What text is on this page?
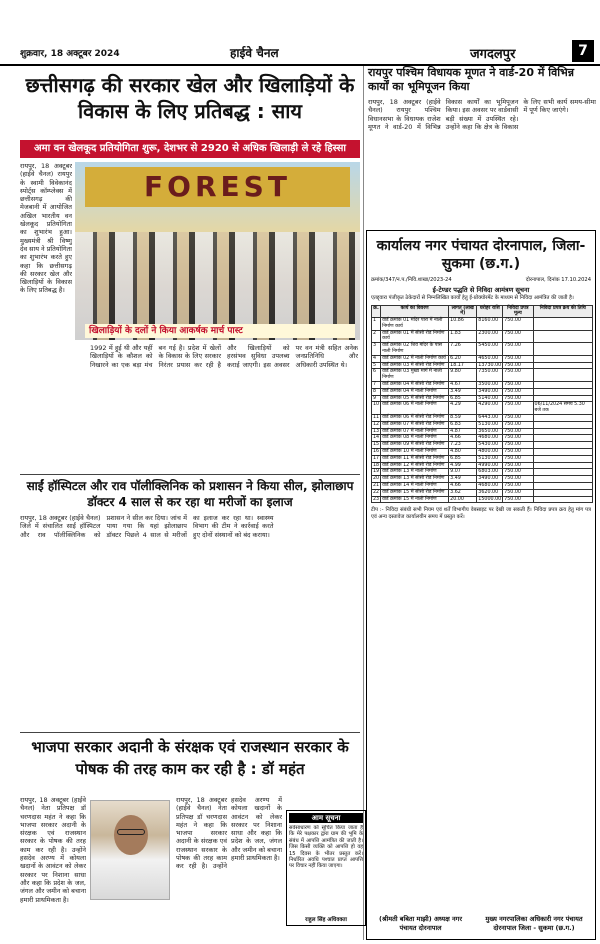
शुक्रवार, 18 अक्टूबर 2024	हाईवे चैनल	जगदलपुर	7
छत्तीसगढ़ की सरकार खेल और खिलाड़ियों के विकास के लिए प्रतिबद्ध : साय
अमा वन खेलकूद प्रतियोगिता शुरू, देशभर से 2920 से अधिक खिलाड़ी ले रहे हिस्सा
FOREST
खिलाड़ियों के दलों ने किया आकर्षक मार्च पास्ट
रायपुर, 18 अक्टूबर (हाईवे चैनल) रायपुर के स्वामी विवेकानंद स्पोर्ट्स कॉम्प्लेक्स में छत्तीसगढ़ की मेजबानी में आयोजित अखिल भारतीय वन खेलकूद प्रतियोगिता का शुभारंभ हुआ। मुख्यमंत्री श्री विष्णु देव साय ने प्रतियोगिता का शुभारंभ करते हुए कहा कि छत्तीसगढ़ की सरकार खेल और खिलाड़ियों के विकास के लिए प्रतिबद्ध है।
1992 में हुई थी और यहीं खिलाड़ियों के कौशल को निखारने का एक बड़ा मंच बन गई है। प्रदेश में खेलों के विकास के लिए सरकार निरंतर प्रयास कर रही है और खिलाड़ियों को हरसंभव सुविधा उपलब्ध कराई जाएगी। इस अवसर पर वन मंत्री सहित अनेक जनप्रतिनिधि और अधिकारी उपस्थित थे।
साईं हॉस्पिटल और राव पॉलीक्लिनिक को प्रशासन ने किया सील, झोलाछाप डॉक्टर 4 साल से कर रहा था मरीजों का इलाज
रायपुर, 18 अक्टूबर (हाईवे चैनल) जिले में संचालित साईं हॉस्पिटल और राव पॉलीक्लिनिक को प्रशासन ने सील कर दिया। जांच में पाया गया कि यहां झोलाछाप डॉक्टर पिछले 4 साल से मरीजों का इलाज कर रहा था। स्वास्थ्य विभाग की टीम ने कार्रवाई करते हुए दोनों संस्थानों को बंद कराया।
भाजपा सरकार अदानी के संरक्षक एवं राजस्थान सरकार के पोषक की तरह काम कर रही है : डॉ महंत
रायपुर, 18 अक्टूबर (हाईवे चैनल) नेता प्रतिपक्ष डॉ चरणदास महंत ने कहा कि भाजपा सरकार अदानी के संरक्षक एवं राजस्थान सरकार के पोषक की तरह काम कर रही है। उन्होंने हसदेव अरण्य में कोयला खदानों के आवंटन को लेकर सरकार पर निशाना साधा और कहा कि प्रदेश के जल, जंगल और जमीन को बचाना हमारी प्राथमिकता है।
रायपुर, 18 अक्टूबर (हाईवे चैनल) नेता प्रतिपक्ष डॉ चरणदास महंत ने कहा कि भाजपा सरकार अदानी के संरक्षक एवं राजस्थान सरकार के पोषक की तरह काम कर रही है। उन्होंने हसदेव अरण्य में कोयला खदानों के आवंटन को लेकर सरकार पर निशाना साधा और कहा कि प्रदेश के जल, जंगल और जमीन को बचाना हमारी प्राथमिकता है।
आम सूचना
सर्वसाधारण को सूचित किया जाता है कि मेरे पक्षकार द्वारा ग्राम की भूमि के संबंध में आपत्ति आमंत्रित की जाती है। जिस किसी व्यक्ति को आपत्ति हो वह 15 दिवस के भीतर प्रस्तुत करें। निर्धारित अवधि पश्चात प्राप्त आपत्ति पर विचार नहीं किया जाएगा।
राहुल सिंह अधिवक्ता
रायपुर पश्चिम विधायक मूणत ने वार्ड-20 में विभिन्न कार्यों का भूमिपूजन किया
रायपुर, 18 अक्टूबर (हाईवे चैनल) रायपुर पश्चिम विधानसभा के विधायक राजेश मूणत ने वार्ड-20 में विभिन्न विकास कार्यों का भूमिपूजन किया। इस अवसर पर वार्डवासी बड़ी संख्या में उपस्थित रहे। उन्होंने कहा कि क्षेत्र के विकास के लिए सभी कार्य समय-सीमा में पूर्ण किए जाएंगे।
कार्यालय नगर पंचायत दोरनापाल, जिला-सुकमा (छ.ग.)
क्रमांक/347/न.प./निवि.शाखा/2023-24	दोरनापाल, दिनांक 17.10.2024
ई-टेण्डर पद्धति से निविदा आमंत्रण सूचना
एतद्द्वारा पंजीकृत ठेकेदारों से निम्नलिखित कार्यों हेतु ई-प्रोक्योरमेंट के माध्यम से निविदा आमंत्रित की जाती है।
क्र.	कार्य का विवरण	लागत (लाख में)	धरोहर राशि	निविदा प्रपत्र मूल्य	निविदा प्रपत्र क्रय की तिथि
1	वार्ड क्रमांक 01 मंदिर पारा में नाली निर्माण कार्य	10.86	8160.00	750.00	
2	वार्ड क्रमांक 01 में सीसी रोड निर्माण कार्य	1.83	2300.00	750.00	
3	वार्ड क्रमांक 02 शिव मंदिर के पास नाली निर्माण	7.26	5450.00	750.00	
4	वार्ड क्रमांक 02 में नाली निर्माण कार्य	6.20	4650.00	750.00	
5	वार्ड क्रमांक 03 में सीसी रोड निर्माण	18.17	13730.00	750.00	
6	वार्ड क्रमांक 03 मुख्य मार्ग में नाली निर्माण	9.80	7350.00	750.00	
7	वार्ड क्रमांक 04 में सीसी रोड निर्माण	4.67	3500.00	750.00	
8	वार्ड क्रमांक 04 में नाली निर्माण	3.49	3490.00	750.00	
9	वार्ड क्रमांक 05 में सीसी रोड निर्माण	6.85	5140.00	750.00	
10	वार्ड क्रमांक 06 में नाली निर्माण	4.29	4290.00	750.00	06/11/2024 समय 5.30 बजे तक
11	वार्ड क्रमांक 06 में सीसी रोड निर्माण	8.59	6443.00	750.00	
12	वार्ड क्रमांक 07 में सीसी रोड निर्माण	6.83	5130.00	750.00	
13	वार्ड क्रमांक 07 में नाली निर्माण	4.87	3650.00	750.00	
14	वार्ड क्रमांक 08 में नाली निर्माण	4.66	4680.00	750.00	
15	वार्ड क्रमांक 09 में सीसी रोड निर्माण	7.23	5430.00	750.00	
16	वार्ड क्रमांक 10 में नाली निर्माण	4.80	4800.00	750.00	
17	वार्ड क्रमांक 11 में सीसी रोड निर्माण	6.85	5130.00	750.00	
18	वार्ड क्रमांक 12 में सीसी रोड निर्माण	4.99	4990.00	750.00	
19	वार्ड क्रमांक 13 में नाली निर्माण	9.07	6803.00	750.00	
20	वार्ड क्रमांक 13 में सीसी रोड निर्माण	3.49	3490.00	750.00	
21	वार्ड क्रमांक 14 में नाली निर्माण	4.66	4680.00	750.00	
22	वार्ड क्रमांक 15 में सीसी रोड निर्माण	3.62	3620.00	750.00	
23	वार्ड क्रमांक 15 में नाली निर्माण	20.00	15000.00	750.00	
टीप :- निविदा संबंधी सभी नियम एवं शर्तें विभागीय वेबसाइट पर देखी जा सकती हैं। निविदा प्रपत्र क्रय हेतु मांग पत्र एवं अन्य दस्तावेज कार्यालयीन समय में प्रस्तुत करें।
(श्रीमती बबिता माझी) अध्यक्ष नगर पंचायत दोरनापाल
मुख्य नगरपालिका अधिकारी नगर पंचायत दोरनापाल जिला - सुकमा (छ.ग.)
